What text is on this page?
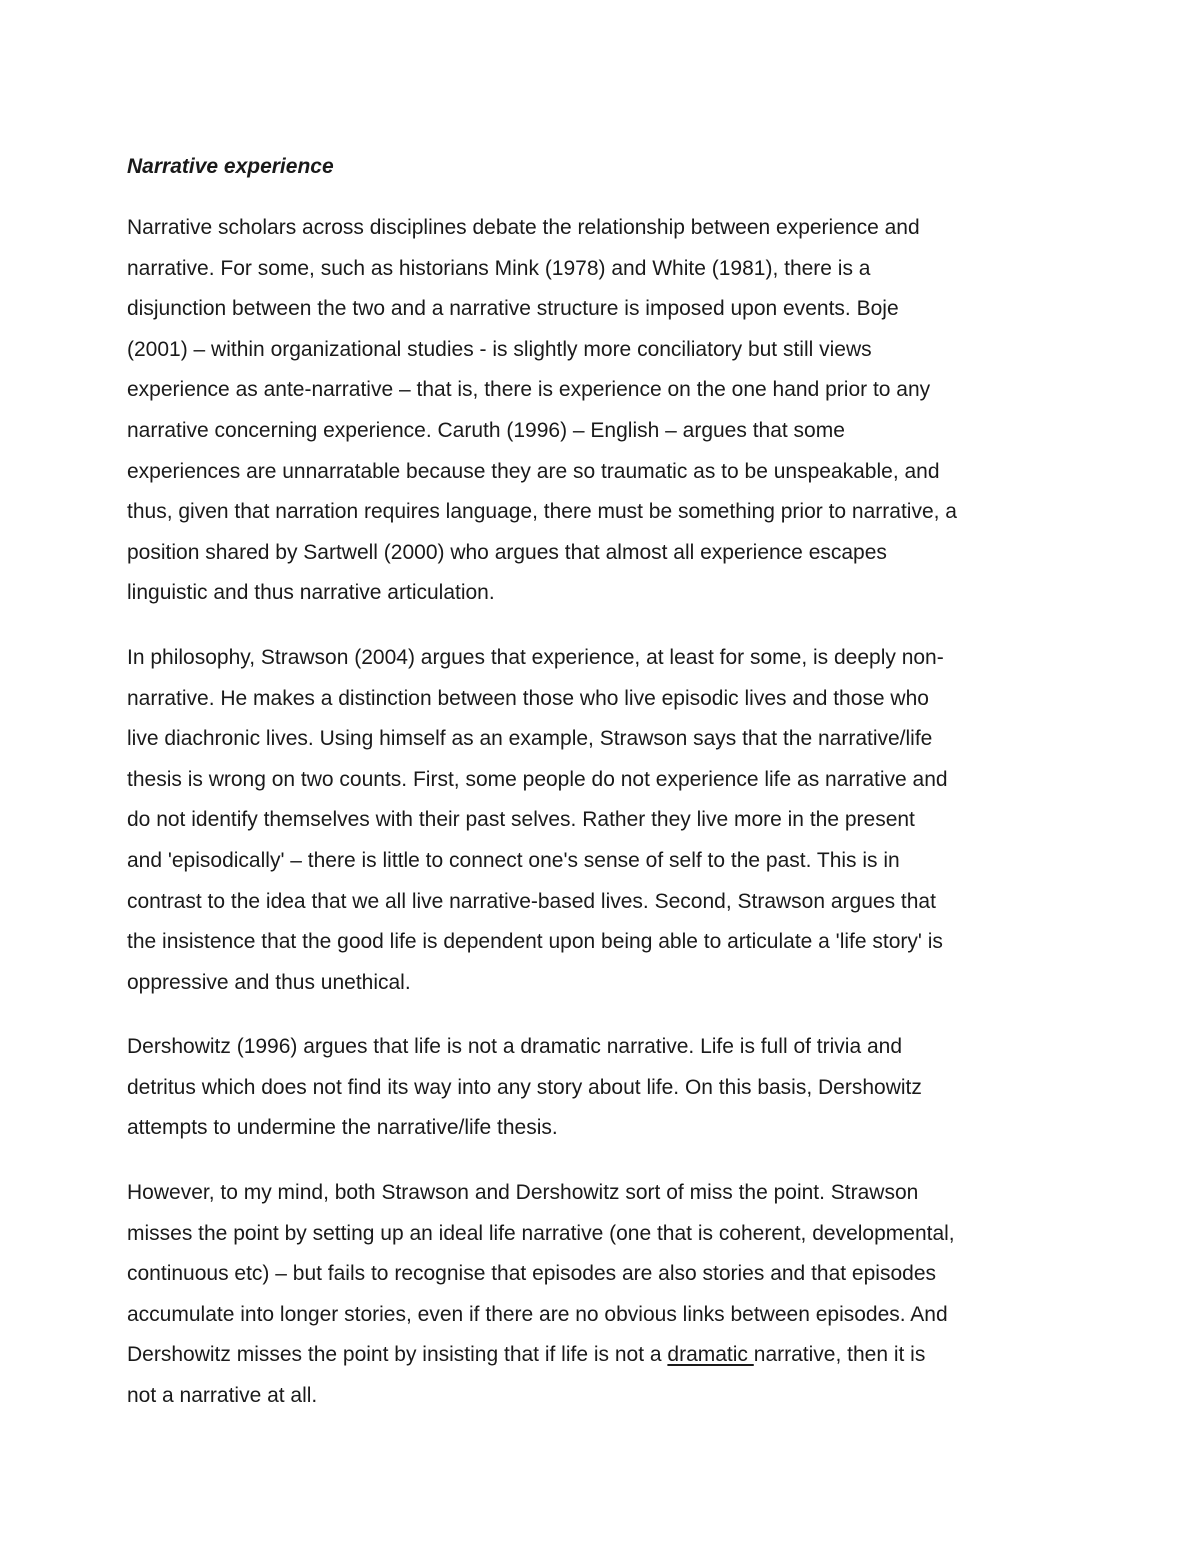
Narrative experience
Narrative scholars across disciplines debate the relationship between experience and
narrative. For some, such as historians Mink (1978) and White (1981), there is a
disjunction between the two and a narrative structure is imposed upon events. Boje
(2001) – within organizational studies - is slightly more conciliatory but still views
experience as ante-narrative – that is, there is experience on the one hand prior to any
narrative concerning experience. Caruth (1996) – English – argues that some
experiences are unnarratable because they are so traumatic as to be unspeakable, and
thus, given that narration requires language, there must be something prior to narrative, a
position shared by Sartwell (2000) who argues that almost all experience escapes
linguistic and thus narrative articulation.
In philosophy, Strawson (2004) argues that experience, at least for some, is deeply non-
narrative. He makes a distinction between those who live episodic lives and those who
live diachronic lives. Using himself as an example, Strawson says that the narrative/life
thesis is wrong on two counts. First, some people do not experience life as narrative and
do not identify themselves with their past selves. Rather they live more in the present
and 'episodically' – there is little to connect one's sense of self to the past. This is in
contrast to the idea that we all live narrative-based lives. Second, Strawson argues that
the insistence that the good life is dependent upon being able to articulate a 'life story' is
oppressive and thus unethical.
Dershowitz (1996) argues that life is not a dramatic narrative. Life is full of trivia and
detritus which does not find its way into any story about life. On this basis, Dershowitz
attempts to undermine the narrative/life thesis.
However, to my mind, both Strawson and Dershowitz sort of miss the point. Strawson
misses the point by setting up an ideal life narrative (one that is coherent, developmental,
continuous etc) – but fails to recognise that episodes are also stories and that episodes
accumulate into longer stories, even if there are no obvious links between episodes. And
Dershowitz misses the point by insisting that if life is not a dramatic narrative, then it is
not a narrative at all.
